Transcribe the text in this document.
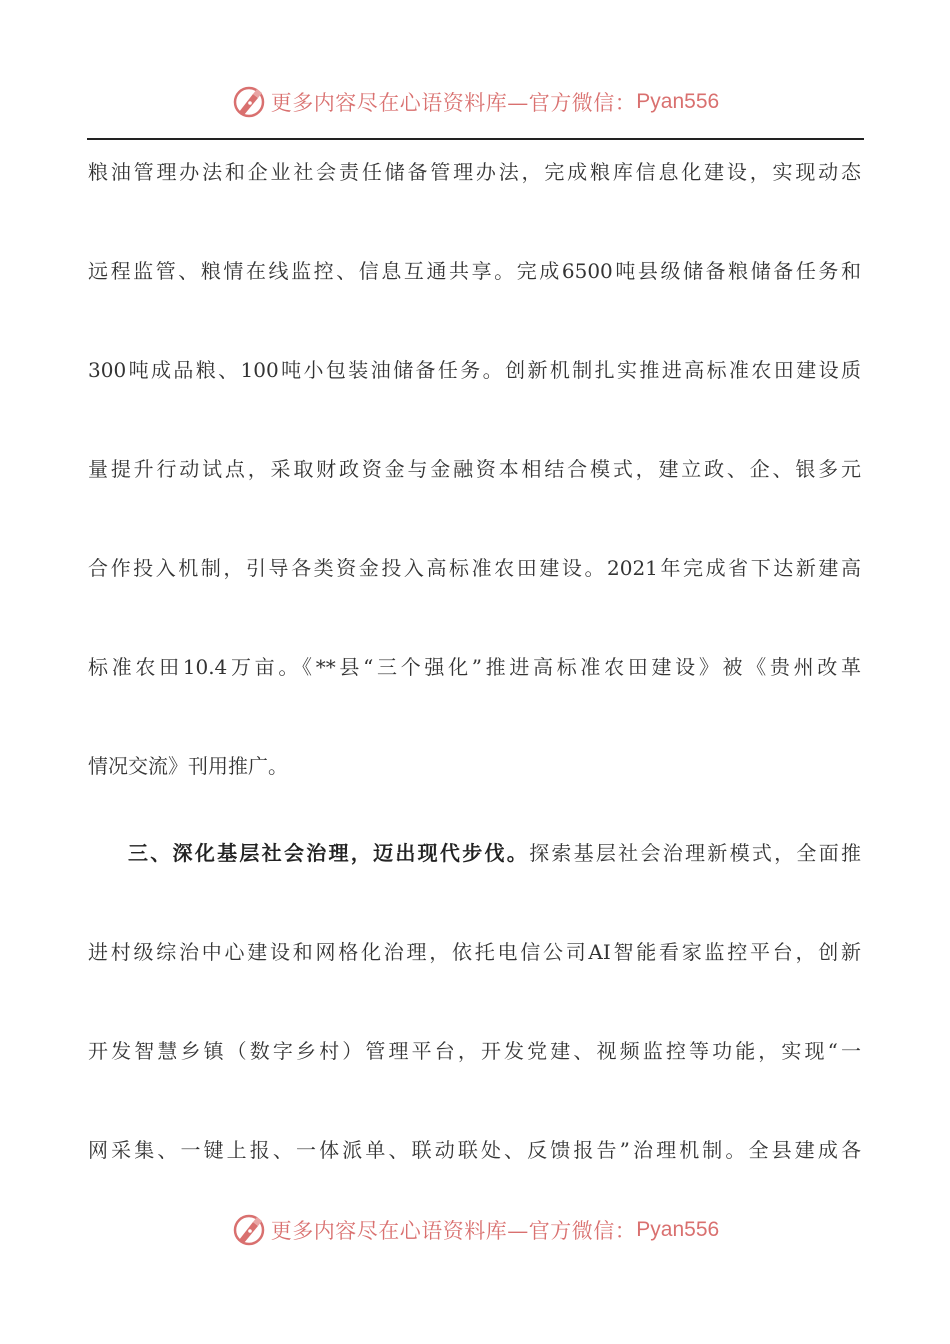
更多内容尽在心语资料库—官方微信： Pyan556
粮油管理办法和企业社会责任储备管理办法，完成粮库信息化建设，实现动态
远程监管、粮情在线监控、信息互通共享。完成6500吨县级储备粮储备任务和
300吨成品粮、100吨小包装油储备任务。创新机制扎实推进高标准农田建设质
量提升行动试点，采取财政资金与金融资本相结合模式，建立政、企、银多元
合作投入机制，引导各类资金投入高标准农田建设。2021年完成省下达新建高
标准农田10.4万亩。《**县“三个强化”推进高标准农田建设》被《贵州改革
情况交流》刊用推广。
三、深化基层社会治理，迈出现代步伐。探索基层社会治理新模式，全面推
进村级综治中心建设和网格化治理，依托电信公司AI智能看家监控平台，创新
开发智慧乡镇（数字乡村）管理平台，开发党建、视频监控等功能，实现“一
网采集、一键上报、一体派单、联动联处、反馈报告”治理机制。全县建成各
更多内容尽在心语资料库—官方微信： Pyan556
